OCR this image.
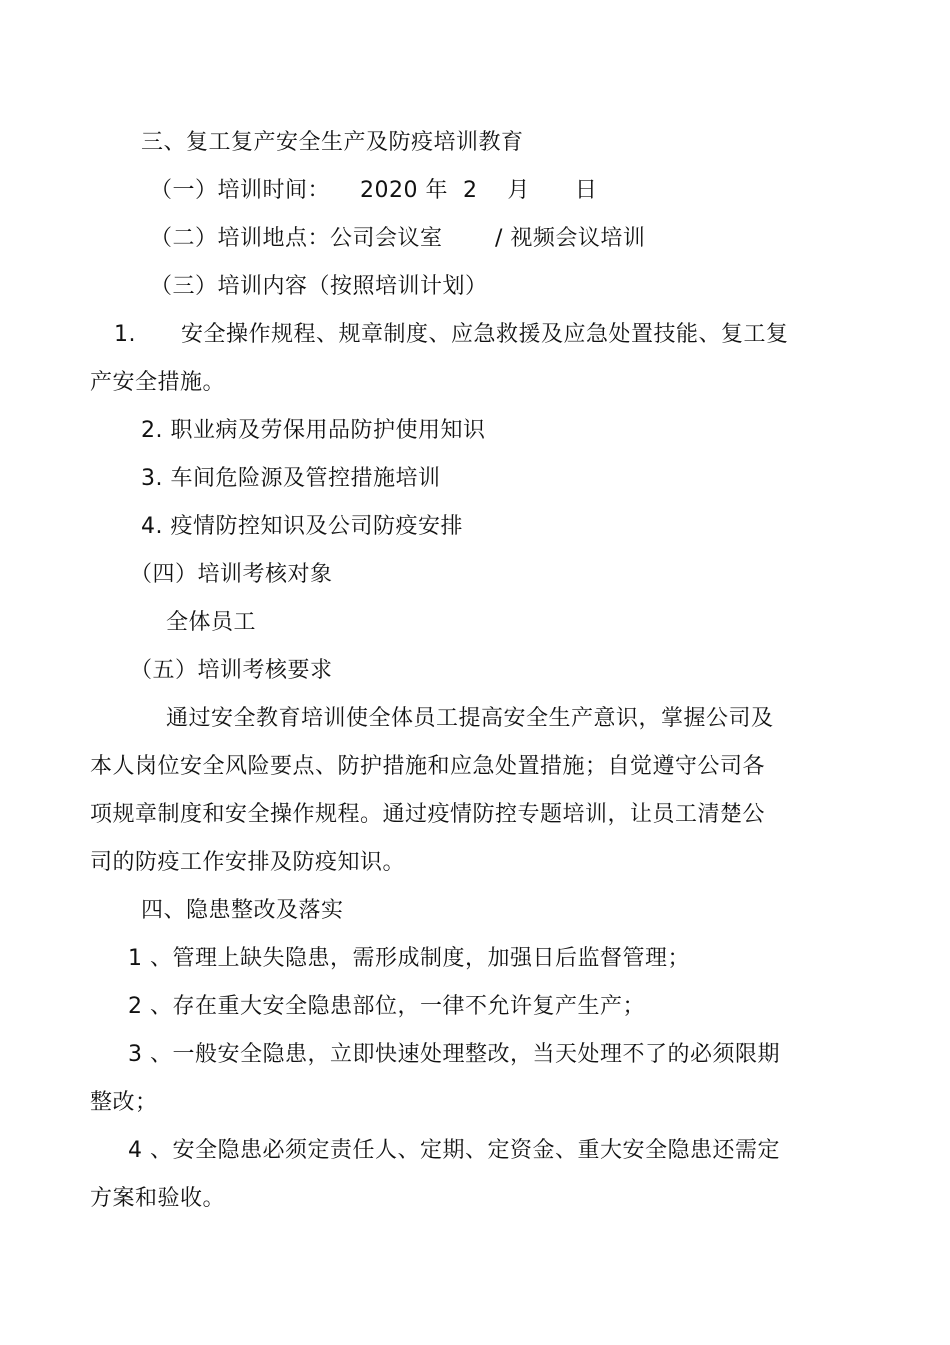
三、复工复产安全生产及防疫培训教育
（一）培训时间：    2020 年  2    月      日
（二）培训地点：公司会议室       / 视频会议培训
（三）培训内容（按照培训计划）
1.      安全操作规程、规章制度、应急救援及应急处置技能、复工复
产安全措施。
2. 职业病及劳保用品防护使用知识
3. 车间危险源及管控措施培训
4. 疫情防控知识及公司防疫安排
（四）培训考核对象
全体员工
（五）培训考核要求
通过安全教育培训使全体员工提高安全生产意识，掌握公司及
本人岗位安全风险要点、防护措施和应急处置措施；自觉遵守公司各
项规章制度和安全操作规程。通过疫情防控专题培训，让员工清楚公
司的防疫工作安排及防疫知识。
四、隐患整改及落实
1 、管理上缺失隐患，需形成制度，加强日后监督管理；
2 、存在重大安全隐患部位，一律不允许复产生产；
3 、一般安全隐患，立即快速处理整改，当天处理不了的必须限期
整改；
4 、安全隐患必须定责任人、定期、定资金、重大安全隐患还需定
方案和验收。
